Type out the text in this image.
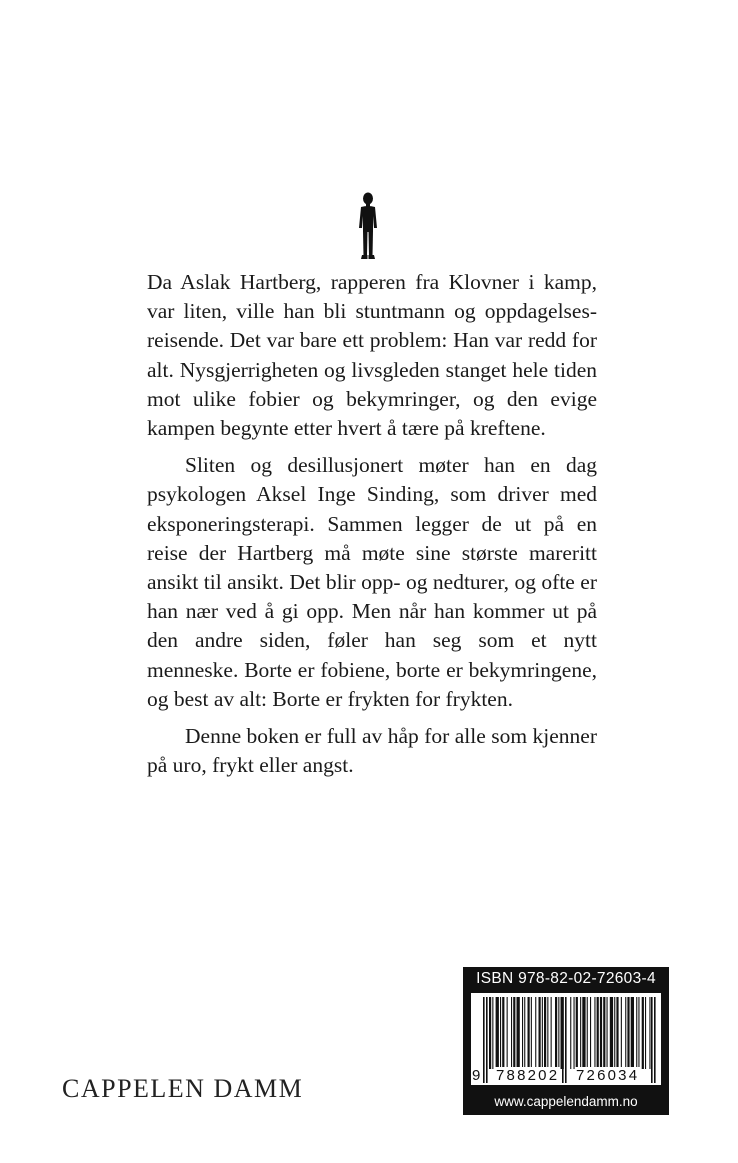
Da Aslak Hartberg, rapperen fra Klovner i kamp, var liten, ville han bli stuntmann og oppdagelsesreisende. Det var bare ett problem: Han var redd for alt. Nysgjerrigheten og livsgleden stanget hele tiden mot ulike fobier og bekymringer, og den evige kampen begynte etter hvert å tære på kreftene.

Sliten og desillusjonert møter han en dag psykologen Aksel Inge Sinding, som driver med eksponeringsterapi. Sammen legger de ut på en reise der Hartberg må møte sine største mareritt ansikt til ansikt. Det blir opp- og nedturer, og ofte er han nær ved å gi opp. Men når han kommer ut på den andre siden, føler han seg som et nytt menneske. Borte er fobiene, borte er bekymringene, og best av alt: Borte er frykten for frykten.

Denne boken er full av håp for alle som kjenner på uro, frykt eller angst.

CAPPELEN DAMM
ISBN 978-82-02-72603-4
9 788202 726034
www.cappelendamm.no
